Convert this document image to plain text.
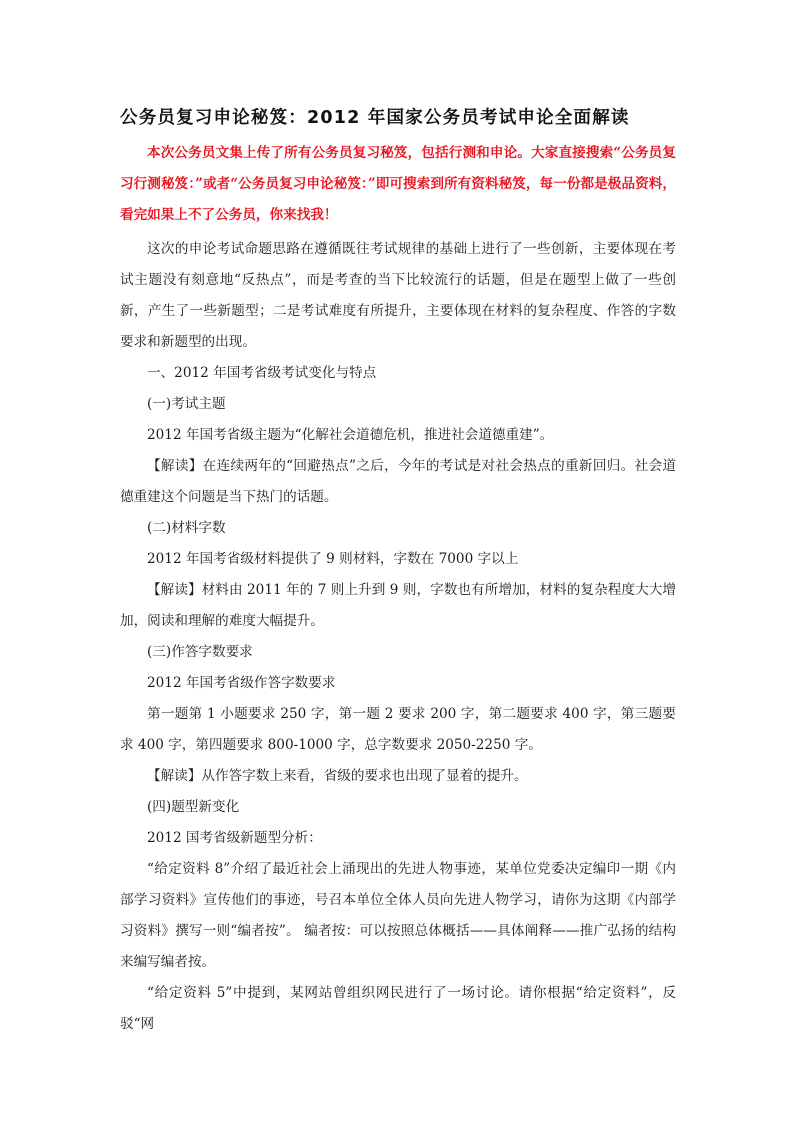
公务员复习申论秘笈：2012 年国家公务员考试申论全面解读

本次公务员文集上传了所有公务员复习秘笈，包括行测和申论。大家直接搜索“公务员复习行测秘笈：”或者“公务员复习申论秘笈：”即可搜索到所有资料秘笈，每一份都是极品资料，看完如果上不了公务员，你来找我！

这次的申论考试命题思路在遵循既往考试规律的基础上进行了一些创新，主要体现在考试主题没有刻意地“反热点”，而是考查的当下比较流行的话题，但是在题型上做了一些创新，产生了一些新题型；二是考试难度有所提升，主要体现在材料的复杂程度、作答的字数要求和新题型的出现。

一、2012 年国考省级考试变化与特点

(一)考试主题

2012 年国考省级主题为“化解社会道德危机，推进社会道德重建”。

【解读】在连续两年的“回避热点”之后，今年的考试是对社会热点的重新回归。社会道德重建这个问题是当下热门的话题。

(二)材料字数

2012 年国考省级材料提供了 9 则材料，字数在 7000 字以上

【解读】材料由 2011 年的 7 则上升到 9 则，字数也有所增加，材料的复杂程度大大增加，阅读和理解的难度大幅提升。

(三)作答字数要求

2012 年国考省级作答字数要求

第一题第 1 小题要求 250 字，第一题 2 要求 200 字，第二题要求 400 字，第三题要求 400 字，第四题要求 800-1000 字，总字数要求 2050-2250 字。

【解读】从作答字数上来看，省级的要求也出现了显着的提升。

(四)题型新变化

2012 国考省级新题型分析：

“给定资料 8”介绍了最近社会上涌现出的先进人物事迹，某单位党委决定编印一期《内部学习资料》宣传他们的事迹，号召本单位全体人员向先进人物学习，请你为这期《内部学习资料》撰写一则“编者按”。 编者按：可以按照总体概括——具体阐释——推广弘扬的结构来编写编者按。

“给定资料 5”中提到，某网站曾组织网民进行了一场讨论。请你根据“给定资料”，反驳“网
